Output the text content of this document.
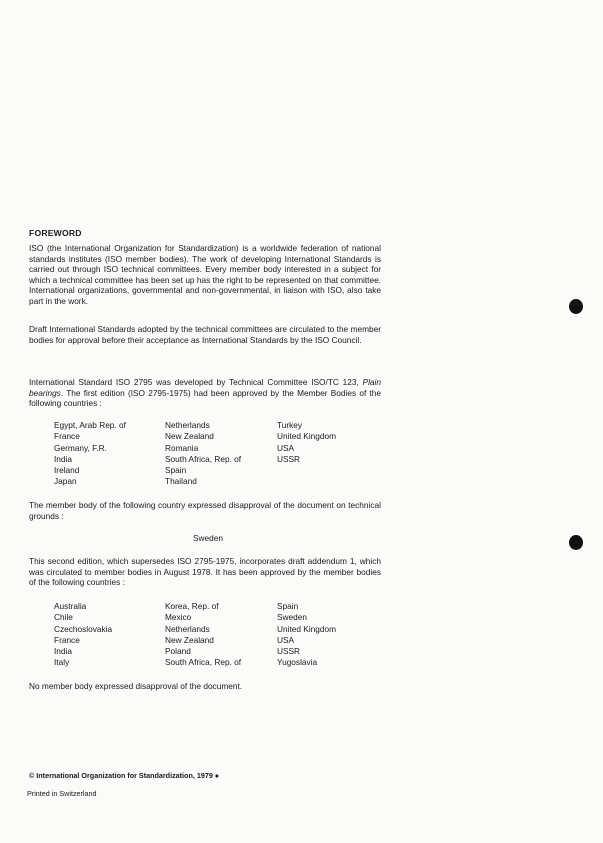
FOREWORD
ISO (the International Organization for Standardization) is a worldwide federation of national standards institutes (ISO member bodies). The work of developing International Standards is carried out through ISO technical committees. Every member body interested in a subject for which a technical committee has been set up has the right to be represented on that committee. International organizations, governmental and non-governmental, in liaison with ISO, also take part in the work.
Draft International Standards adopted by the technical committees are circulated to the member bodies for approval before their acceptance as International Standards by the ISO Council.
International Standard ISO 2795 was developed by Technical Committee ISO/TC 123, Plain bearings. The first edition (ISO 2795-1975) had been approved by the Member Bodies of the following countries :
Egypt, Arab Rep. of	Netherlands	Turkey
France	New Zealand	United Kingdom
Germany, F.R.	Romania	USA
India	South Africa, Rep. of	USSR
Ireland	Spain	
Japan	Thailand	
The member body of the following country expressed disapproval of the document on technical grounds :
Sweden
This second edition, which supersedes ISO 2795-1975, incorporates draft addendum 1, which was circulated to member bodies in August 1978. It has been approved by the member bodies of the following countries :
Australia	Korea, Rep. of	Spain
Chile	Mexico	Sweden
Czechoslovakia	Netherlands	United Kingdom
France	New Zealand	USA
India	Poland	USSR
Italy	South Africa, Rep. of	Yugoslavia
No member body expressed disapproval of the document.
© International Organization for Standardization, 1979 ●
Printed in Switzerland
